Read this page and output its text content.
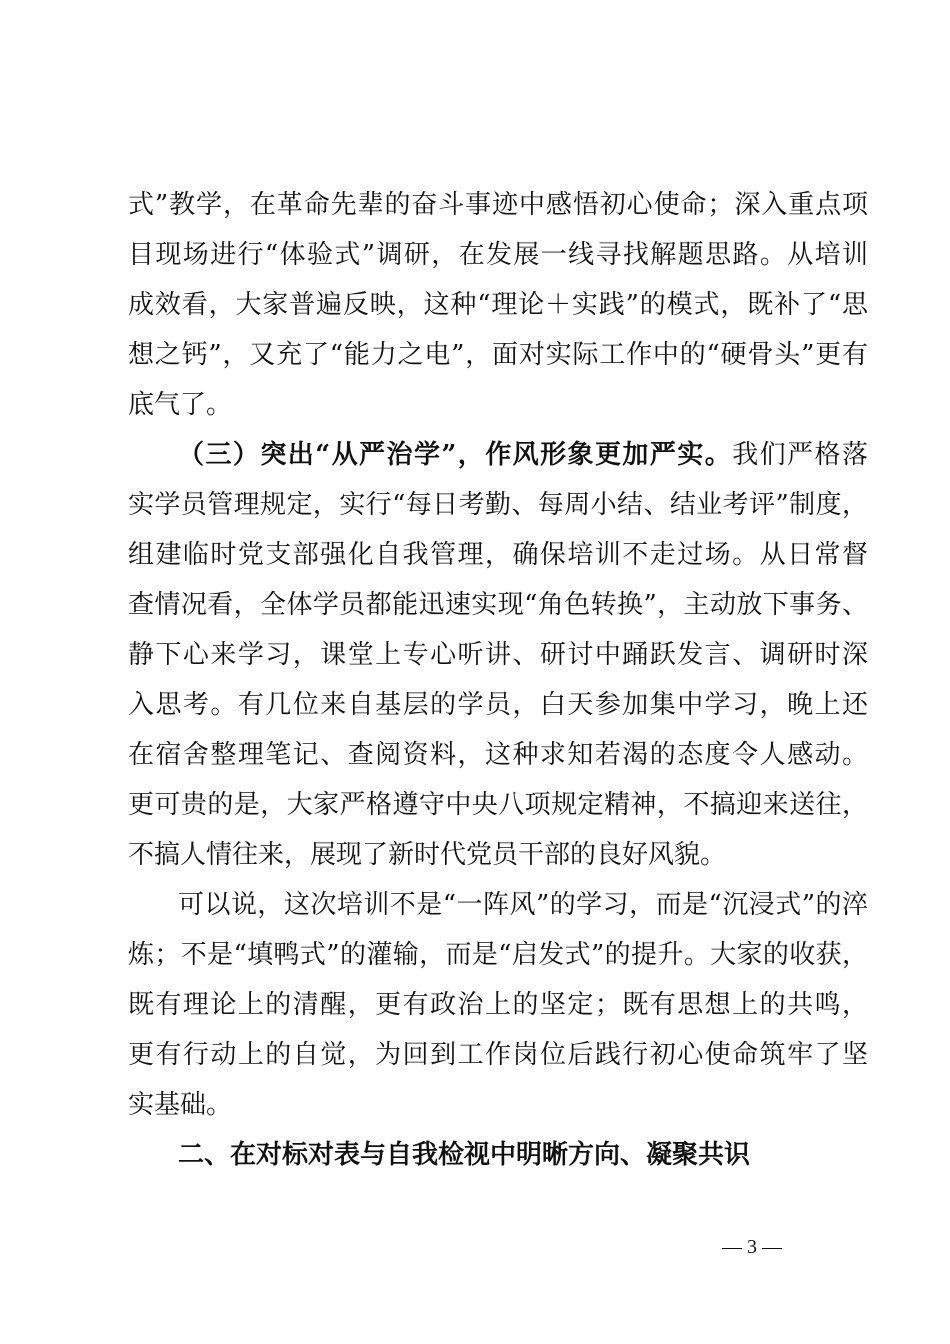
式”教学，在革命先辈的奋斗事迹中感悟初心使命；深入重点项
目现场进行“体验式”调研，在发展一线寻找解题思路。从培训
成效看，大家普遍反映，这种“理论＋实践”的模式，既补了“思
想之钙”，又充了“能力之电”，面对实际工作中的“硬骨头”更有
底气了。
（三）突出“从严治学”，作风形象更加严实。我们严格落
实学员管理规定，实行“每日考勤、每周小结、结业考评”制度，
组建临时党支部强化自我管理，确保培训不走过场。从日常督
查情况看，全体学员都能迅速实现“角色转换”，主动放下事务、
静下心来学习，课堂上专心听讲、研讨中踊跃发言、调研时深
入思考。有几位来自基层的学员，白天参加集中学习，晚上还
在宿舍整理笔记、查阅资料，这种求知若渴的态度令人感动。
更可贵的是，大家严格遵守中央八项规定精神，不搞迎来送往，
不搞人情往来，展现了新时代党员干部的良好风貌。
可以说，这次培训不是“一阵风”的学习，而是“沉浸式”的淬
炼；不是“填鸭式”的灌输，而是“启发式”的提升。大家的收获，
既有理论上的清醒，更有政治上的坚定；既有思想上的共鸣，
更有行动上的自觉，为回到工作岗位后践行初心使命筑牢了坚
实基础。
二、在对标对表与自我检视中明晰方向、凝聚共识
— 3 —
